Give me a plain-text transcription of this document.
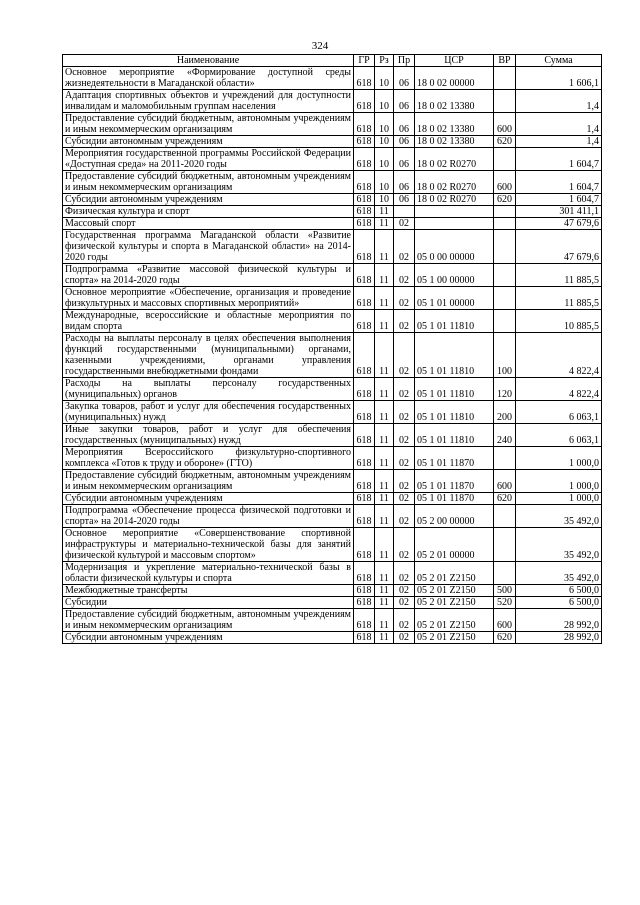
324
Наименование	ГР	Рз	Пр	ЦСР	ВР	Сумма
Основное мероприятие «Формирование доступной среды жизнедеятельности в Магаданской области»	618	10	06	18 0 02 00000		1 606,1
Адаптация спортивных объектов и учреждений для доступности инвалидам и маломобильным группам населения	618	10	06	18 0 02 13380		1,4
Предоставление субсидий бюджетным, автономным учреждениям и иным некоммерческим организациям	618	10	06	18 0 02 13380	600	1,4
Субсидии автономным учреждениям	618	10	06	18 0 02 13380	620	1,4
Мероприятия государственной программы Российской Федерации «Доступная среда» на 2011-2020 годы	618	10	06	18 0 02 R0270		1 604,7
Предоставление субсидий бюджетным, автономным учреждениям и иным некоммерческим организациям	618	10	06	18 0 02 R0270	600	1 604,7
Субсидии автономным учреждениям	618	10	06	18 0 02 R0270	620	1 604,7
Физическая культура и спорт	618	11				301 411,1
Массовый спорт	618	11	02			47 679,6
Государственная программа Магаданской области «Развитие физической культуры и спорта в Магаданской области» на 2014-2020 годы	618	11	02	05 0 00 00000		47 679,6
Подпрограмма «Развитие массовой физической культуры и спорта» на 2014-2020 годы	618	11	02	05 1 00 00000		11 885,5
Основное мероприятие «Обеспечение, организация и проведение физкультурных и массовых спортивных мероприятий»	618	11	02	05 1 01 00000		11 885,5
Международные, всероссийские и областные мероприятия по видам спорта	618	11	02	05 1 01 11810		10 885,5
Расходы на выплаты персоналу в целях обеспечения выполнения функций государственными (муниципальными) органами, казенными учреждениями, органами управления государственными внебюджетными фондами	618	11	02	05 1 01 11810	100	4 822,4
Расходы на выплаты персоналу государственных (муниципальных) органов	618	11	02	05 1 01 11810	120	4 822,4
Закупка товаров, работ и услуг для обеспечения государственных (муниципальных) нужд	618	11	02	05 1 01 11810	200	6 063,1
Иные закупки товаров, работ и услуг для обеспечения государственных (муниципальных) нужд	618	11	02	05 1 01 11810	240	6 063,1
Мероприятия Всероссийского физкультурно-спортивного комплекса «Готов к труду и обороне» (ГТО)	618	11	02	05 1 01 11870		1 000,0
Предоставление субсидий бюджетным, автономным учреждениям и иным некоммерческим организациям	618	11	02	05 1 01 11870	600	1 000,0
Субсидии автономным учреждениям	618	11	02	05 1 01 11870	620	1 000,0
Подпрограмма «Обеспечение процесса физической подготовки и спорта» на 2014-2020 годы	618	11	02	05 2 00 00000		35 492,0
Основное мероприятие «Совершенствование спортивной инфраструктуры и материально-технической базы для занятий физической культурой и массовым спортом»	618	11	02	05 2 01 00000		35 492,0
Модернизация и укрепление материально-технической базы в области физической культуры и спорта	618	11	02	05 2 01 Z2150		35 492,0
Межбюджетные трансферты	618	11	02	05 2 01 Z2150	500	6 500,0
Субсидии	618	11	02	05 2 01 Z2150	520	6 500,0
Предоставление субсидий бюджетным, автономным учреждениям и иным некоммерческим организациям	618	11	02	05 2 01 Z2150	600	28 992,0
Субсидии автономным учреждениям	618	11	02	05 2 01 Z2150	620	28 992,0
